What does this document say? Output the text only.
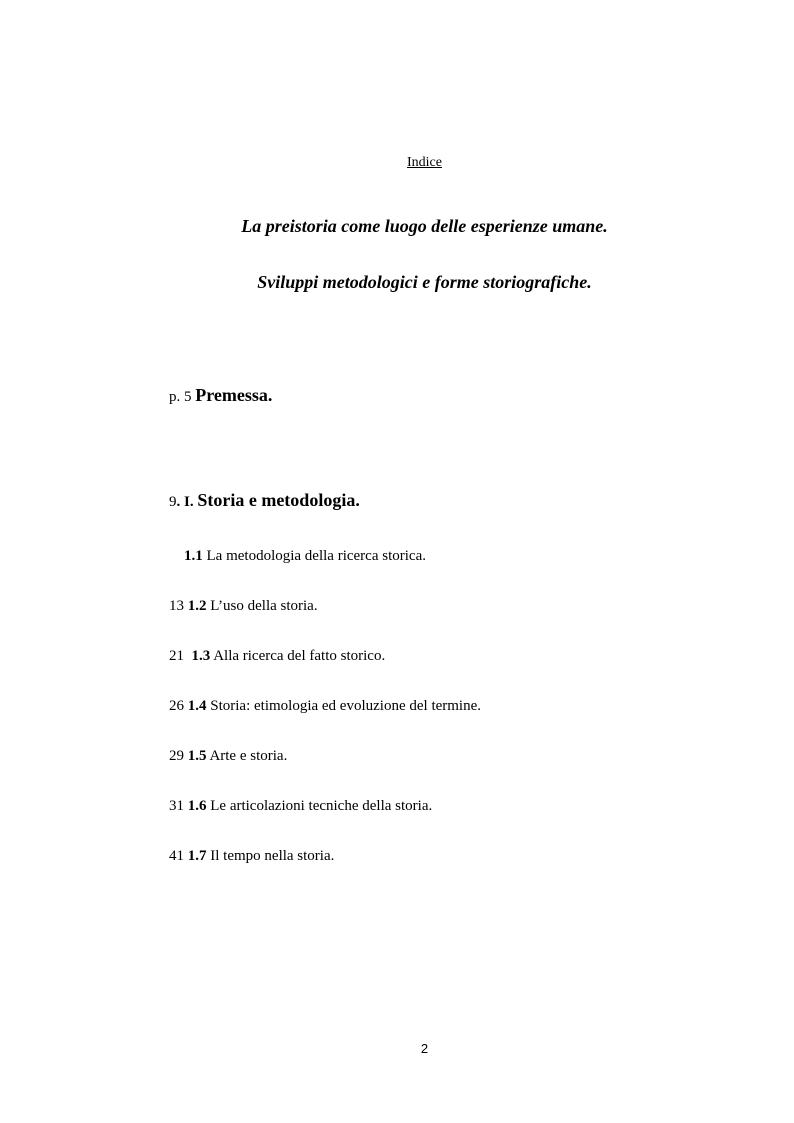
Indice
La preistoria come luogo delle esperienze umane.
Sviluppi metodologici e forme storiografiche.
p. 5 Premessa.
9. I. Storia e metodologia.
1.1 La metodologia della ricerca storica.
13 1.2 L’uso della storia.
21 1.3 Alla ricerca del fatto storico.
26 1.4 Storia: etimologia ed evoluzione del termine.
29 1.5 Arte e storia.
31 1.6 Le articolazioni tecniche della storia.
41 1.7 Il tempo nella storia.
2
